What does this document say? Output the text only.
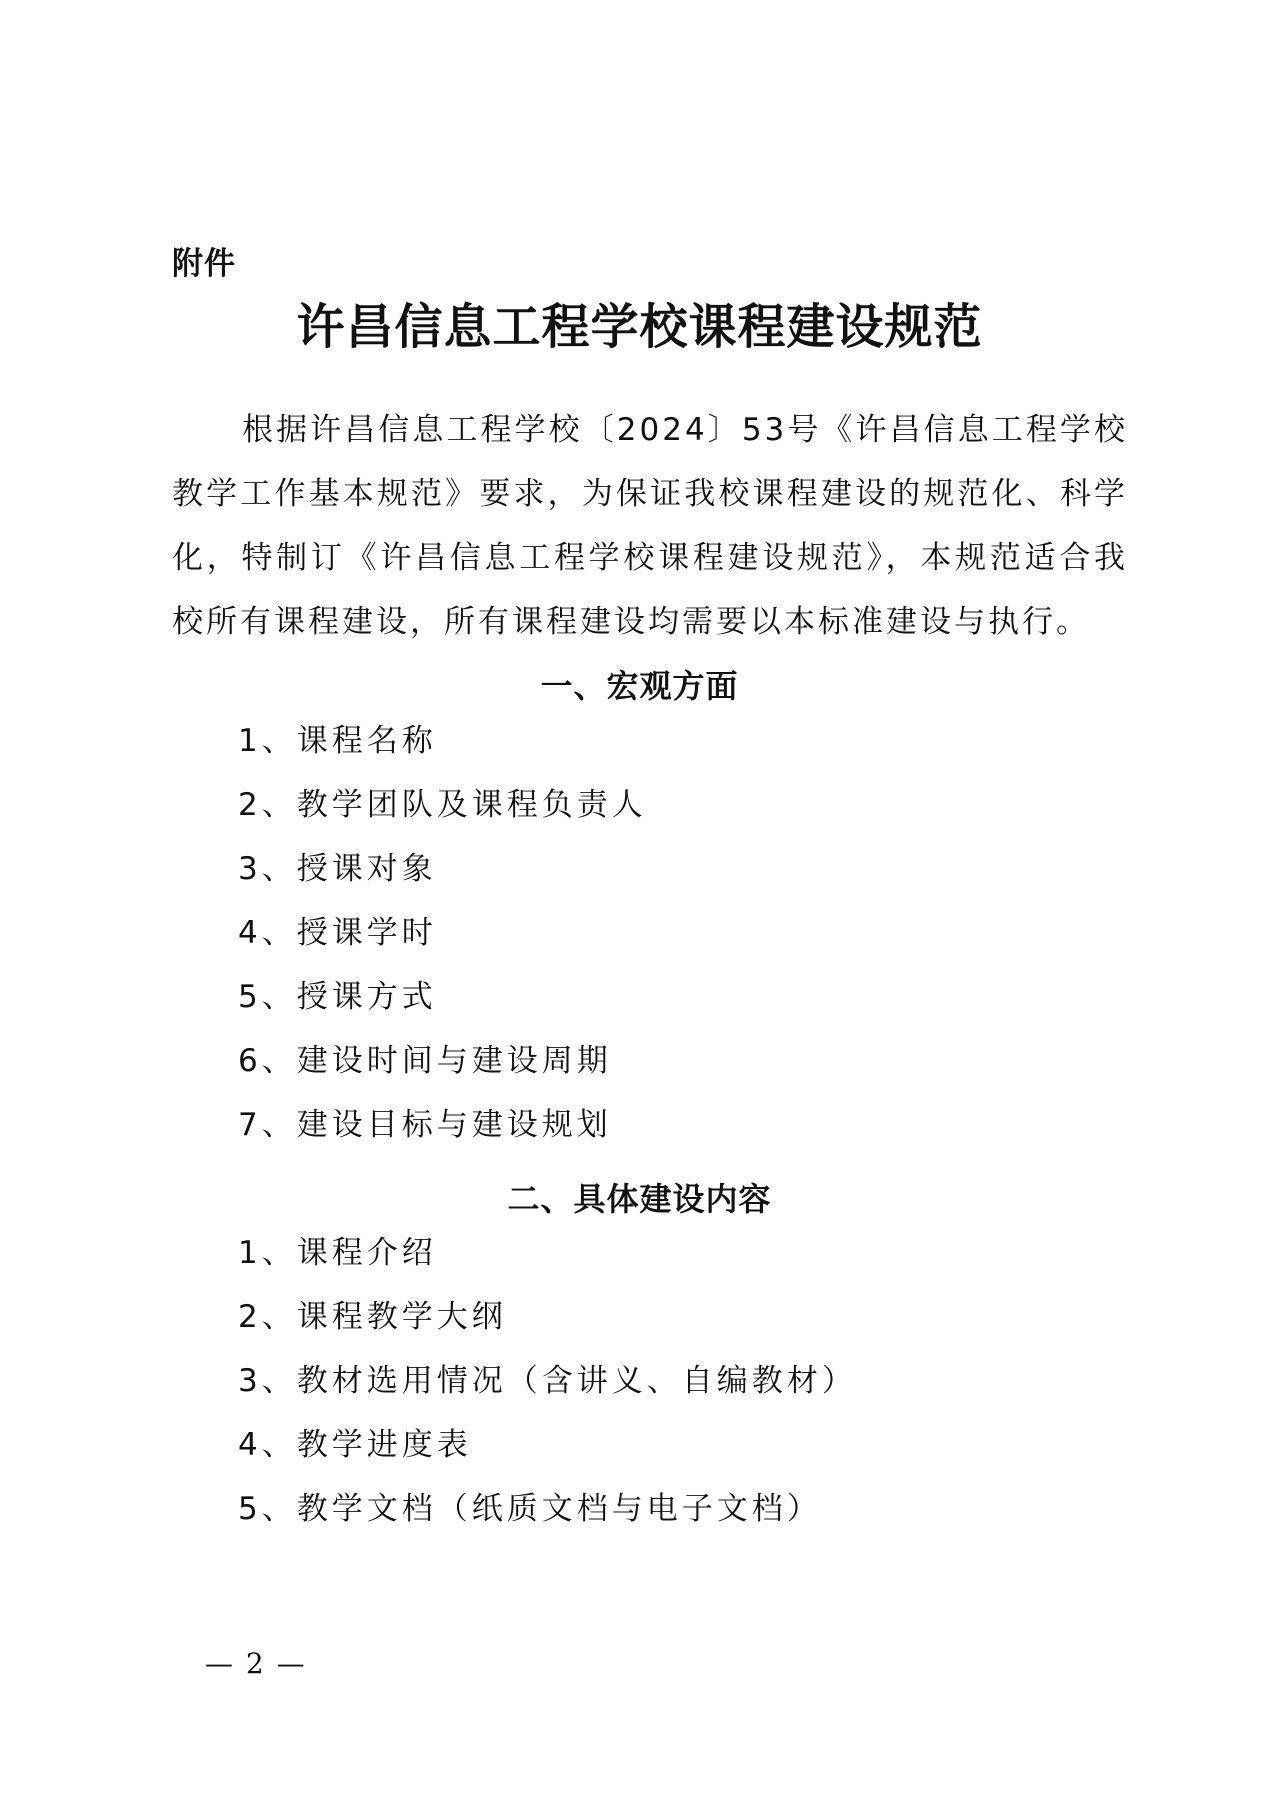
附件
许昌信息工程学校课程建设规范

根据许昌信息工程学校〔2024〕53号《许昌信息工程学校教学工作基本规范》要求，为保证我校课程建设的规范化、科学化，特制订《许昌信息工程学校课程建设规范》，本规范适合我校所有课程建设，所有课程建设均需要以本标准建设与执行。

一、宏观方面
1、课程名称
2、教学团队及课程负责人
3、授课对象
4、授课学时
5、授课方式
6、建设时间与建设周期
7、建设目标与建设规划
二、具体建设内容
1、课程介绍
2、课程教学大纲
3、教材选用情况（含讲义、自编教材）
4、教学进度表
5、教学文档（纸质文档与电子文档）
— 2 —
